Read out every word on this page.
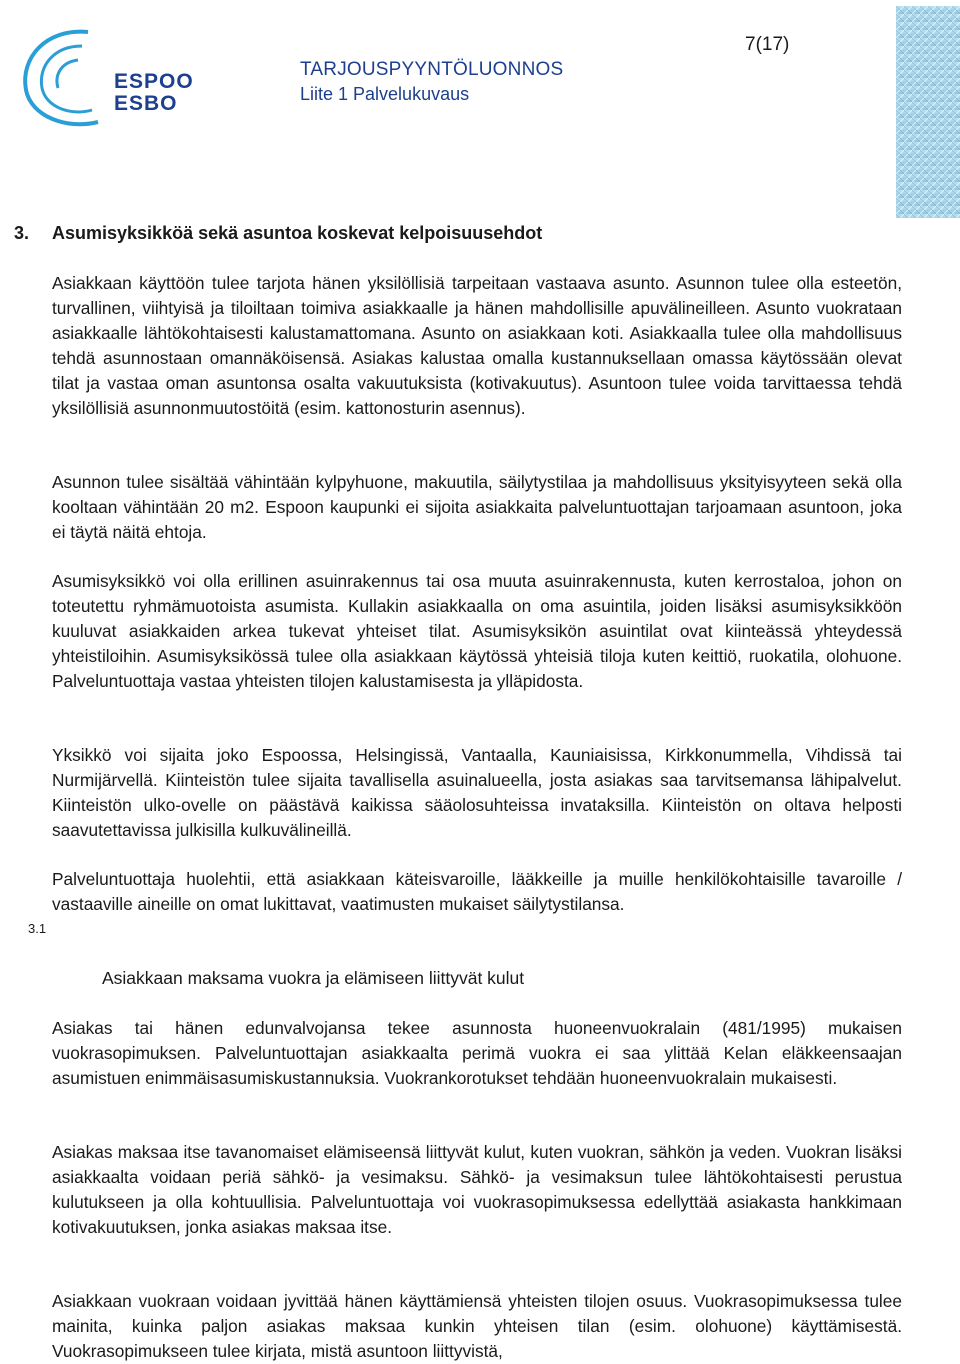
ESPOO
ESBO
TARJOUSPYYNTÖLUONNOS
Liite 1 Palvelukuvaus
7(17)
3. Asumisyksikköä sekä asuntoa koskevat kelpoisuusehdot

Asiakkaan käyttöön tulee tarjota hänen yksilöllisiä tarpeitaan vastaava asunto. Asunnon tulee olla esteetön, turvallinen, viihtyisä ja tiloiltaan toimiva asiakkaalle ja hänen mahdollisille apuvälineilleen. Asunto vuokrataan asiakkaalle lähtökohtaisesti kalustamattomana. Asunto on asiakkaan koti. Asiakkaalla tulee olla mahdollisuus tehdä asunnostaan omannäköisensä. Asiakas kalustaa omalla kustannuksellaan omassa käytössään olevat tilat ja vastaa oman asuntonsa osalta vakuutuksista (kotivakuutus). Asuntoon tulee voida tarvittaessa tehdä yksilöllisiä asunnonmuutostöitä (esim. kattonosturin asennus).

Asunnon tulee sisältää vähintään kylpyhuone, makuutila, säilytystilaa ja mahdollisuus yksityisyyteen sekä olla kooltaan vähintään 20 m2. Espoon kaupunki ei sijoita asiakkaita palveluntuottajan tarjoamaan asuntoon, joka ei täytä näitä ehtoja.

Asumisyksikkö voi olla erillinen asuinrakennus tai osa muuta asuinrakennusta, kuten kerrostaloa, johon on toteutettu ryhmämuotoista asumista. Kullakin asiakkaalla on oma asuintila, joiden lisäksi asumisyksikköön kuuluvat asiakkaiden arkea tukevat yhteiset tilat. Asumisyksikön asuintilat ovat kiinteässä yhteydessä yhteistiloihin. Asumisyksikössä tulee olla asiakkaan käytössä yhteisiä tiloja kuten keittiö, ruokatila, olohuone. Palveluntuottaja vastaa yhteisten tilojen kalustamisesta ja ylläpidosta.

Yksikkö voi sijaita joko Espoossa, Helsingissä, Vantaalla, Kauniaisissa, Kirkkonummella, Vihdissä tai Nurmijärvellä. Kiinteistön tulee sijaita tavallisella asuinalueella, josta asiakas saa tarvitsemansa lähipalvelut. Kiinteistön ulko-ovelle on päästävä kaikissa sääolosuhteissa invataksilla. Kiinteistön on oltava helposti saavutettavissa julkisilla kulkuvälineillä.

Palveluntuottaja huolehtii, että asiakkaan käteisvaroille, lääkkeille ja muille henkilökohtaisille tavaroille / vastaaville aineille on omat lukittavat, vaatimusten mukaiset säilytystilansa.

3.1
Asiakkaan maksama vuokra ja elämiseen liittyvät kulut

Asiakas tai hänen edunvalvojansa tekee asunnosta huoneenvuokralain (481/1995) mukaisen vuokrasopimuksen. Palveluntuottajan asiakkaalta perimä vuokra ei saa ylittää Kelan eläkkeensaajan asumistuen enimmäisasumiskustannuksia. Vuokrankorotukset tehdään huoneenvuokralain mukaisesti.

Asiakas maksaa itse tavanomaiset elämiseensä liittyvät kulut, kuten vuokran, sähkön ja veden. Vuokran lisäksi asiakkaalta voidaan periä sähkö- ja vesimaksu. Sähkö- ja vesimaksun tulee lähtökohtaisesti perustua kulutukseen ja olla kohtuullisia. Palveluntuottaja voi vuokrasopimuksessa edellyttää asiakasta hankkimaan kotivakuutuksen, jonka asiakas maksaa itse.

Asiakkaan vuokraan voidaan jyvittää hänen käyttämiensä yhteisten tilojen osuus. Vuokrasopimuksessa tulee mainita, kuinka paljon asiakas maksaa kunkin yhteisen tilan (esim. olohuone) käyttämisestä. Vuokrasopimukseen tulee kirjata, mistä asuntoon liittyvistä,
